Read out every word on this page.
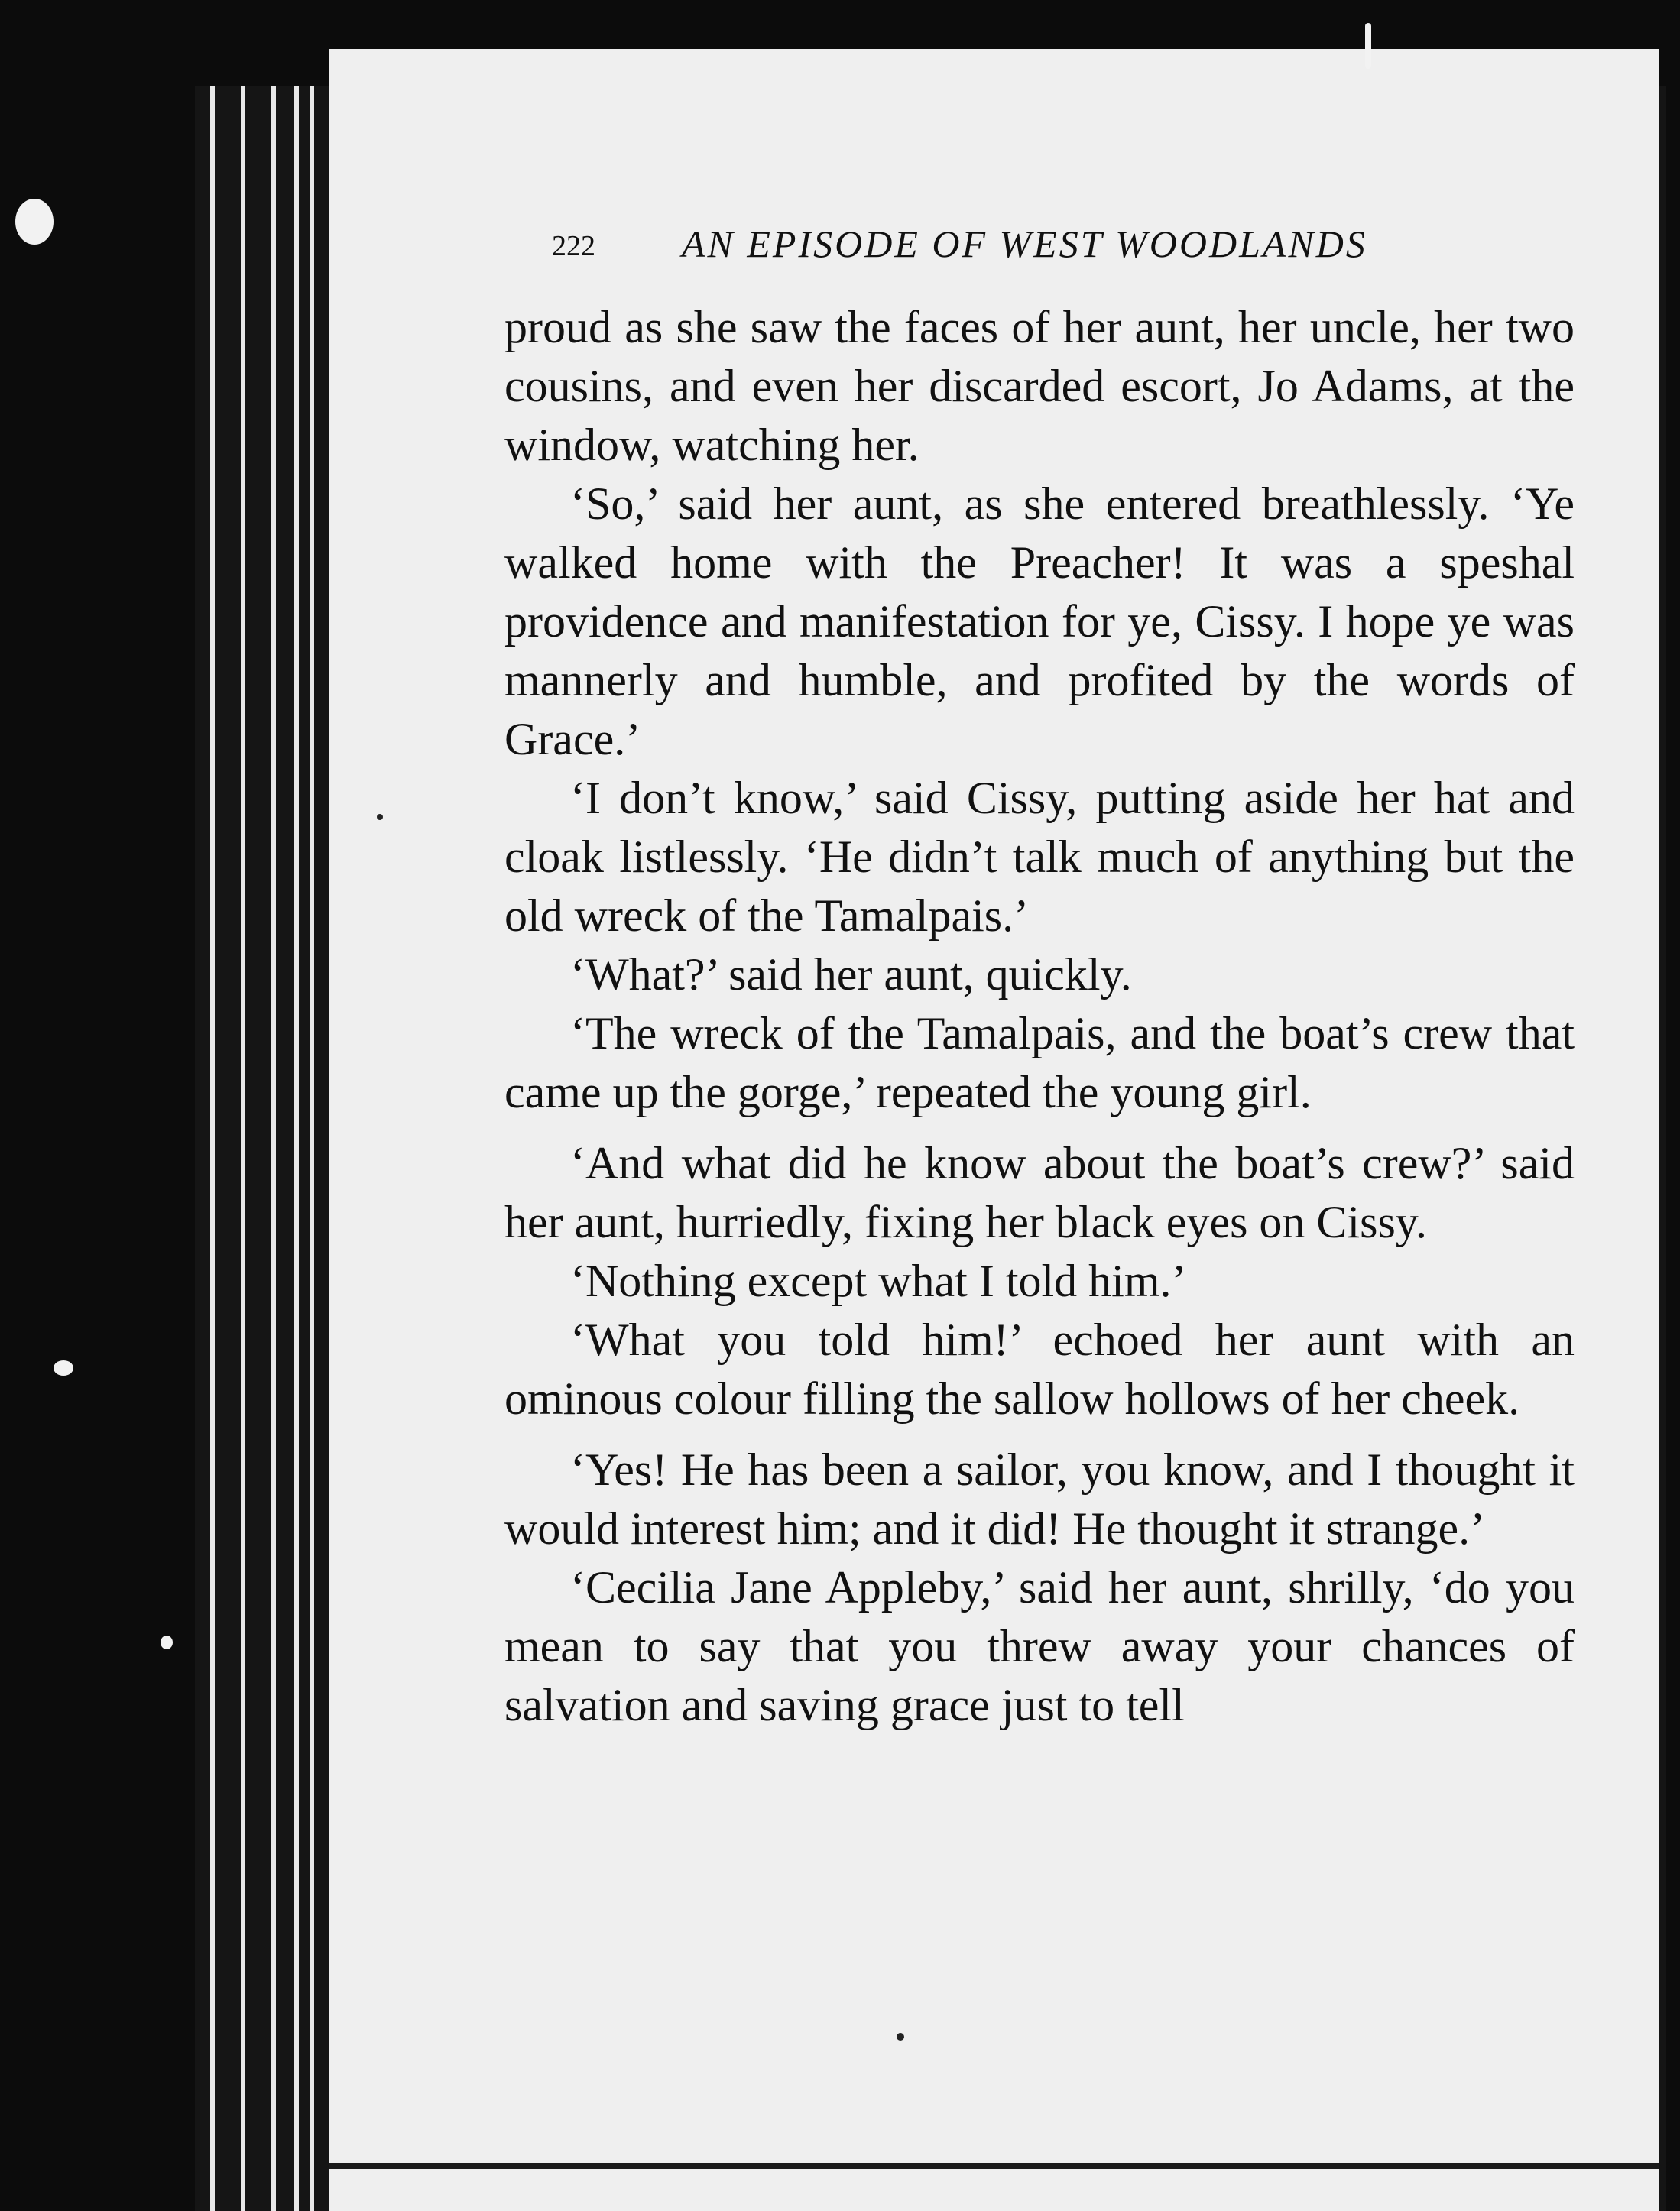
222 AN EPISODE OF WEST WOODLANDS

proud as she saw the faces of her aunt, her uncle, her two cousins, and even her discarded escort, Jo Adams, at the window, watching her.

‘So,’ said her aunt, as she entered breathlessly. ‘Ye walked home with the Preacher! It was a speshal providence and manifestation for ye, Cissy. I hope ye was mannerly and humble, and profited by the words of Grace.’

‘I don’t know,’ said Cissy, putting aside her hat and cloak listlessly. ‘He didn’t talk much of anything but the old wreck of the Tamalpais.’

‘What?’ said her aunt, quickly.

‘The wreck of the Tamalpais, and the boat’s crew that came up the gorge,’ repeated the young girl.

‘And what did he know about the boat’s crew?’ said her aunt, hurriedly, fixing her black eyes on Cissy.

‘Nothing except what I told him.’

‘What you told him!’ echoed her aunt with an ominous colour filling the sallow hollows of her cheek.

‘Yes! He has been a sailor, you know, and I thought it would interest him; and it did! He thought it strange.’

‘Cecilia Jane Appleby,’ said her aunt, shrilly, ‘do you mean to say that you threw away your chances of salvation and saving grace just to tell
